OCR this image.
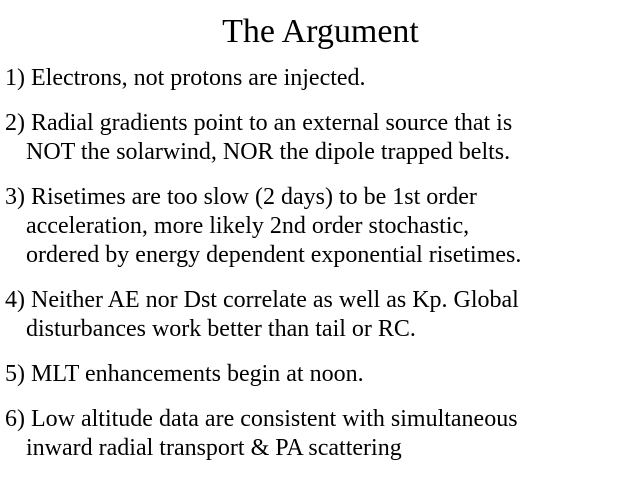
The Argument
1) Electrons, not protons are injected.
2) Radial gradients point to an external source that is
NOT the solarwind, NOR the dipole trapped belts.
3) Risetimes are too slow (2 days) to be 1st order
acceleration, more likely 2nd order stochastic,
ordered by energy dependent exponential risetimes.
4) Neither AE nor Dst correlate as well as Kp. Global
disturbances work better than tail or RC.
5) MLT enhancements begin at noon.
6) Low altitude data are consistent with simultaneous
inward radial transport & PA scattering
